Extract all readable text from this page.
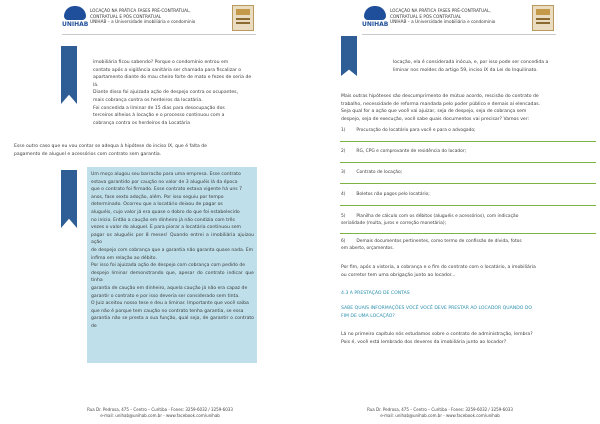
UNIHAB
LOCAÇÃO NA PRÁTICA FASES PRÉ-CONTRATUAL,
CONTRATUAL E PÓS CONTRATUAL
UNIHAB – a Universidade imobiliária e condominio

imobiliária ficou sabendo? Porque o condomínio entrou em

contato após a vigilância sanitária ser chamada para fiscalizar o

apartamento diante do mau cheiro forte de mato e fezes de seria de

lá.

Diante disso foi ajuizada ação de despejo contra os ocupantes,

mais cobrança contra os herdeiros da locatária.

Foi concedida a liminar de 15 dias para desocupação dos

terceiros alheios à locação e o processo continuou com a

cobrança contra os herdeiros da Locatária

Esse outro caso que eu vou contar se adequa à hipótese do inciso IX, que é falta de

pagamento de aluguel e acessórios com contrato sem garantia.

Um moço alugou seu barracão para uma empresa. Esse contrato

estava garantido por caução no valor de 3 aluguéis lá da época

que o contrato foi firmado. Esse contrato estava vigente há uns 7

anos, fase sexto adoção, além. Por isso seguiu por tempo

determinado. Ocorreu que a locatário deixou de pagar os

aluguéis, cujo valor já era quase o dobro do que foi estabelecido

no início. Então a caução em dinheiro já não condizia com três

vezes o valor do aluguel. E para piorar a locatária continuou sem

pagar os aluguéis por 8 meses! Quando entrei a imobiliária ajuizou ação

de despejo com cobrança que a garantia não garanta quase nada. Em

infima em relação ao débito.

Por isso foi ajuizada ação de despejo com cobrança com pedido de

despejo liminar demonstrando que, apesar do contrato indicar que tinha

garantia de caução em dinheiro, aquela caução já não era capaz de

garantir o contrato e por isso deveria ser considerado sem tinta.

O Juiz aceitou nosso tese e deu a liminar. Importante que você saiba

que não é porque tem caução no contrato tenha garantia, se essa

garantia não se presta a sua função, qual seja, de garantir o contrato de

Rua Dr. Pedrosa, 475 – Centro – Curitiba - Fones: 3259-6032 / 3259-6033
e-mail: unihab@unihab.com.br - www.facebook.com/unihab
UNIHAB
LOCAÇÃO NA PRÁTICA FASES PRÉ-CONTRATUAL,
CONTRATUAL E PÓS CONTRATUAL
UNIHAB – a Universidade imobiliária e condominio

locação, ela é considerada inócua, e, por isso pode ser concedida a

liminar nos moldes do artigo 59, inciso IX da Lei do Inquilinato.

Mais outras hipóteses são descumprimento de mútuo acordo, rescisão do contrato de

trabalho, necessidade de reforma mandada pelo poder público e demais aí elencadas.

Seja qual for a ação que você vai ajuizar, seja de despejo, seja de cobrança sem

despejo, seja de execução, você sabe quais documentos vai precisar? Vamos ver:

1) Procuração do locatário para você e para o advogado;
2) RG, CPG e comprovante de residência do locador;
3) Contrato de locação;
4) Boletos não pagos pelo locatário;
5) Planilha de cálculo com os débitos (aluguéis e acessórios), com indicação
serialidade (multa, juros e correção monetária);
6) Demais documentos pertinentes, como termo de confissão de dívida, fotos
em aberto, orçamentos.

Por fim, após a vistoria, a cobrança e o fim do contrato com o locatário, a imobiliária

ou corretor tem uma obrigação junto ao locador...

4.3 A PRESTAÇÃO DE CONTAS

SABE QUAIS INFORMAÇÕES VOCÊ VOCÊ DEVE PRESTAR AO LOCADOR QUANDO DO

FIM DE UMA LOCAÇÃO?

Lá no primeiro capítulo nós estudamos sobre o contrato de administração, lembra?

Pois é, você está lembrado dos deveres da imobiliária junto ao locador?

Rua Dr. Pedrosa, 475 – Centro – Curitiba - Fones: 3259-6032 / 3259-6033
e-mail: unihab@unihab.com.br - www.facebook.com/unihab
